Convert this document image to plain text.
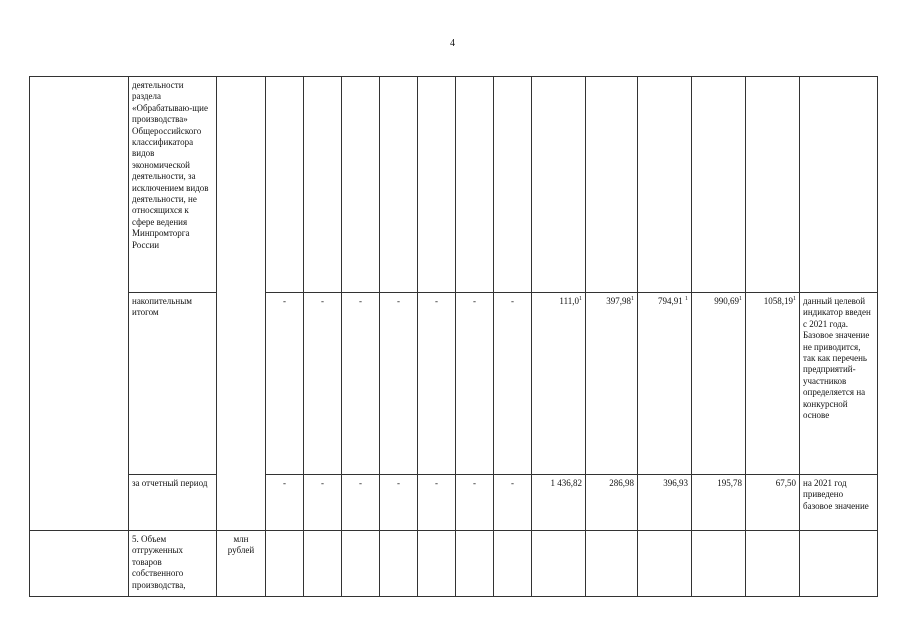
4
	деятельности раздела «Обрабатываю-щие производства» Общероссийского классификатора видов экономической деятельности, за исключением видов деятельности, не относящихся к сфере ведения Минпромторга России														
	накопительным итогом		-	-	-	-	-	-	-	111,0$^1$	397,98$^1$	794,91 $^1$	990,69$^1$	1058,19$^1$	данный целевой индикатор введен с 2021 года. Базовое значение не приводится, так как перечень предприятий-участников определяется на конкурсной основе
	за отчетный период		-	-	-	-	-	-	-	1 436,82	286,98	396,93	195,78	67,50	на 2021 год приведено базовое значение
	5. Объем отгруженных товаров собственного производства,	млн рублей													
